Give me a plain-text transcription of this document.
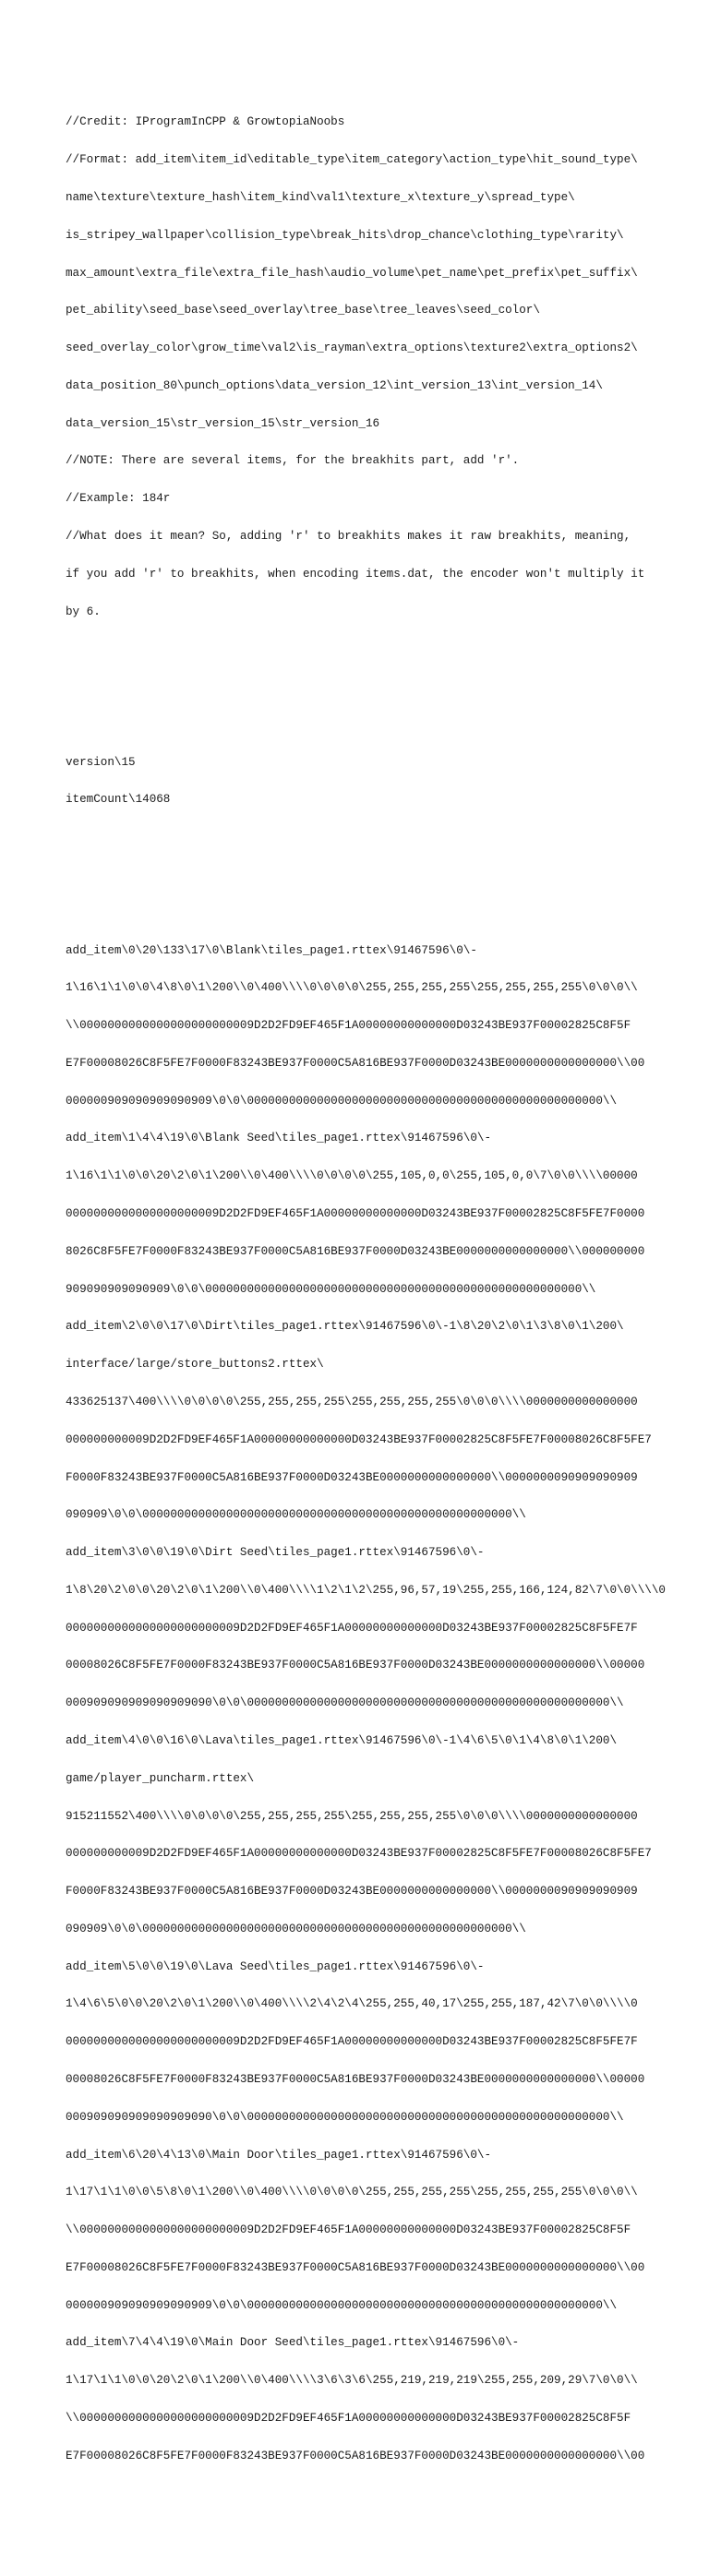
//Credit: IProgramInCPP & GrowtopiaNoobs

//Format: add_item\item_id\editable_type\item_category\action_type\hit_sound_type\

name\texture\texture_hash\item_kind\val1\texture_x\texture_y\spread_type\

is_stripey_wallpaper\collision_type\break_hits\drop_chance\clothing_type\rarity\

max_amount\extra_file\extra_file_hash\audio_volume\pet_name\pet_prefix\pet_suffix\

pet_ability\seed_base\seed_overlay\tree_base\tree_leaves\seed_color\

seed_overlay_color\grow_time\val2\is_rayman\extra_options\texture2\extra_options2\

data_position_80\punch_options\data_version_12\int_version_13\int_version_14\

data_version_15\str_version_15\str_version_16

//NOTE: There are several items, for the breakhits part, add 'r'.

//Example: 184r

//What does it mean? So, adding 'r' to breakhits makes it raw breakhits, meaning,

if you add 'r' to breakhits, when encoding items.dat, the encoder won't multiply it

by 6.

version\15

itemCount\14068

add_item\0\20\133\17\0\Blank\tiles_page1.rttex\91467596\0\-

1\16\1\1\0\0\4\8\0\1\200\\0\400\\\\0\0\0\0\255,255,255,255\255,255,255,255\0\0\0\\

\\0000000000000000000000009D2D2FD9EF465F1A00000000000000D03243BE937F00002825C8F5F

E7F00008026C8F5FE7F0000F83243BE937F0000C5A816BE937F0000D03243BE0000000000000000\\00

000000909090909090909\0\0\000000000000000000000000000000000000000000000000000\\

add_item\1\4\4\19\0\Blank Seed\tiles_page1.rttex\91467596\0\-

1\16\1\1\0\0\20\2\0\1\200\\0\400\\\\0\0\0\0\255,105,0,0\255,105,0,0\7\0\0\\\\00000

0000000000000000000009D2D2FD9EF465F1A00000000000000D03243BE937F00002825C8F5FE7F0000

8026C8F5FE7F0000F83243BE937F0000C5A816BE937F0000D03243BE0000000000000000\\000000000

909090909090909\0\0\000000000000000000000000000000000000000000000000000000\\

add_item\2\0\0\17\0\Dirt\tiles_page1.rttex\91467596\0\-1\8\20\2\0\1\3\8\0\1\200\

interface/large/store_buttons2.rttex\

433625137\400\\\\0\0\0\0\255,255,255,255\255,255,255,255\0\0\0\\\\0000000000000000

000000000009D2D2FD9EF465F1A00000000000000D03243BE937F00002825C8F5FE7F00008026C8F5FE7

F0000F83243BE937F0000C5A816BE937F0000D03243BE0000000000000000\\0000000090909090909

090909\0\0\00000000000000000000000000000000000000000000000000000\\

add_item\3\0\0\19\0\Dirt Seed\tiles_page1.rttex\91467596\0\-

1\8\20\2\0\0\20\2\0\1\200\\0\400\\\\1\2\1\2\255,96,57,19\255,255,166,124,82\7\0\0\\\\0

0000000000000000000000009D2D2FD9EF465F1A00000000000000D03243BE937F00002825C8F5FE7F

00008026C8F5FE7F0000F83243BE937F0000C5A816BE937F0000D03243BE0000000000000000\\00000

000909090909090909090\0\0\0000000000000000000000000000000000000000000000000000\\

add_item\4\0\0\16\0\Lava\tiles_page1.rttex\91467596\0\-1\4\6\5\0\1\4\8\0\1\200\

game/player_puncharm.rttex\

915211552\400\\\\0\0\0\0\255,255,255,255\255,255,255,255\0\0\0\\\\0000000000000000

000000000009D2D2FD9EF465F1A00000000000000D03243BE937F00002825C8F5FE7F00008026C8F5FE7

F0000F83243BE937F0000C5A816BE937F0000D03243BE0000000000000000\\0000000090909090909

090909\0\0\00000000000000000000000000000000000000000000000000000\\

add_item\5\0\0\19\0\Lava Seed\tiles_page1.rttex\91467596\0\-

1\4\6\5\0\0\20\2\0\1\200\\0\400\\\\2\4\2\4\255,255,40,17\255,255,187,42\7\0\0\\\\0

0000000000000000000000009D2D2FD9EF465F1A00000000000000D03243BE937F00002825C8F5FE7F

00008026C8F5FE7F0000F83243BE937F0000C5A816BE937F0000D03243BE0000000000000000\\00000

000909090909090909090\0\0\0000000000000000000000000000000000000000000000000000\\

add_item\6\20\4\13\0\Main Door\tiles_page1.rttex\91467596\0\-

1\17\1\1\0\0\5\8\0\1\200\\0\400\\\\0\0\0\0\255,255,255,255\255,255,255,255\0\0\0\\

\\0000000000000000000000009D2D2FD9EF465F1A00000000000000D03243BE937F00002825C8F5F

E7F00008026C8F5FE7F0000F83243BE937F0000C5A816BE937F0000D03243BE0000000000000000\\00

000000909090909090909\0\0\000000000000000000000000000000000000000000000000000\\

add_item\7\4\4\19\0\Main Door Seed\tiles_page1.rttex\91467596\0\-

1\17\1\1\0\0\20\2\0\1\200\\0\400\\\\3\6\3\6\255,219,219,219\255,255,209,29\7\0\0\\

\\0000000000000000000000009D2D2FD9EF465F1A00000000000000D03243BE937F00002825C8F5F

E7F00008026C8F5FE7F0000F83243BE937F0000C5A816BE937F0000D03243BE0000000000000000\\00
